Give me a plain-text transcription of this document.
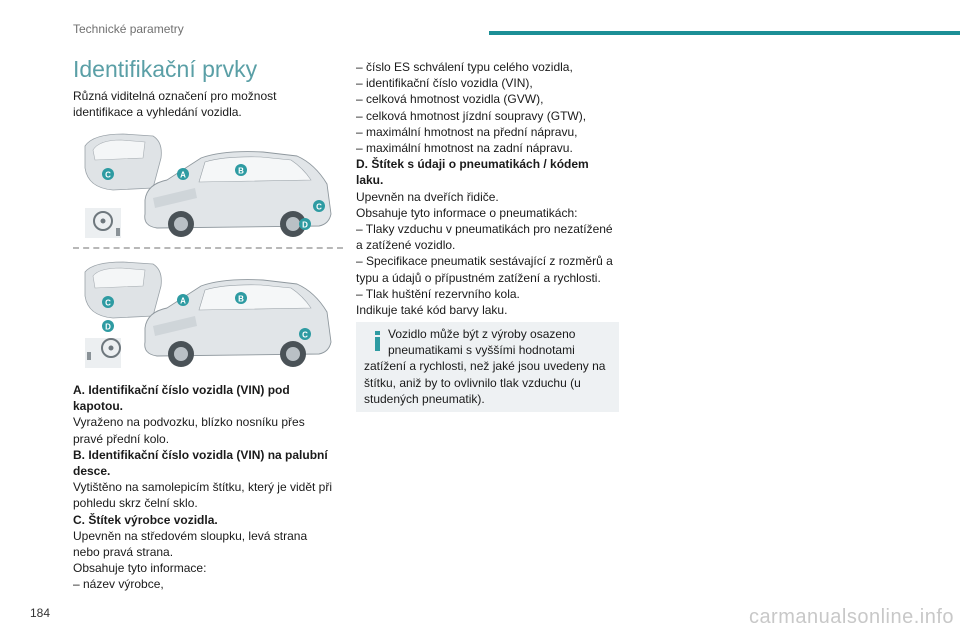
Technické parametry
Identifikační prvky

Různá viditelná označení pro možnost

identifikace a vyhledání vozidla.

C	A	B
C
D
C
D
A	B
C

A. Identifikační číslo vozidla (VIN) pod

kapotou.

Vyraženo na podvozku, blízko nosníku přes

pravé přední kolo.

B. Identifikační číslo vozidla (VIN) na palubní

desce.

Vytištěno na samolepicím štítku, který je vidět při

pohledu skrz čelní sklo.

C. Štítek výrobce vozidla.

Upevněn na středovém sloupku, levá strana

nebo pravá strana.

Obsahuje tyto informace:

– název výrobce,

– číslo ES schválení typu celého vozidla,

– identifikační číslo vozidla (VIN),

– celková hmotnost vozidla (GVW),

– celková hmotnost jízdní soupravy (GTW),

– maximální hmotnost na přední nápravu,

– maximální hmotnost na zadní nápravu.

D. Štítek s údaji o pneumatikách / kódem

laku.

Upevněn na dveřích řidiče.

Obsahuje tyto informace o pneumatikách:

– Tlaky vzduchu v pneumatikách pro nezatížené

a zatížené vozidlo.

– Specifikace pneumatik sestávající z rozměrů a

typu a údajů o přípustném zatížení a rychlosti.

– Tlak huštění rezervního kola.

Indikuje také kód barvy laku.

Vozidlo může být z výroby osazeno

pneumatikami s vyššími hodnotami

zatížení a rychlosti, než jaké jsou uvedeny na

štítku, aniž by to ovlivnilo tlak vzduchu (u

studených pneumatik).

184	carmanualsonline.info
